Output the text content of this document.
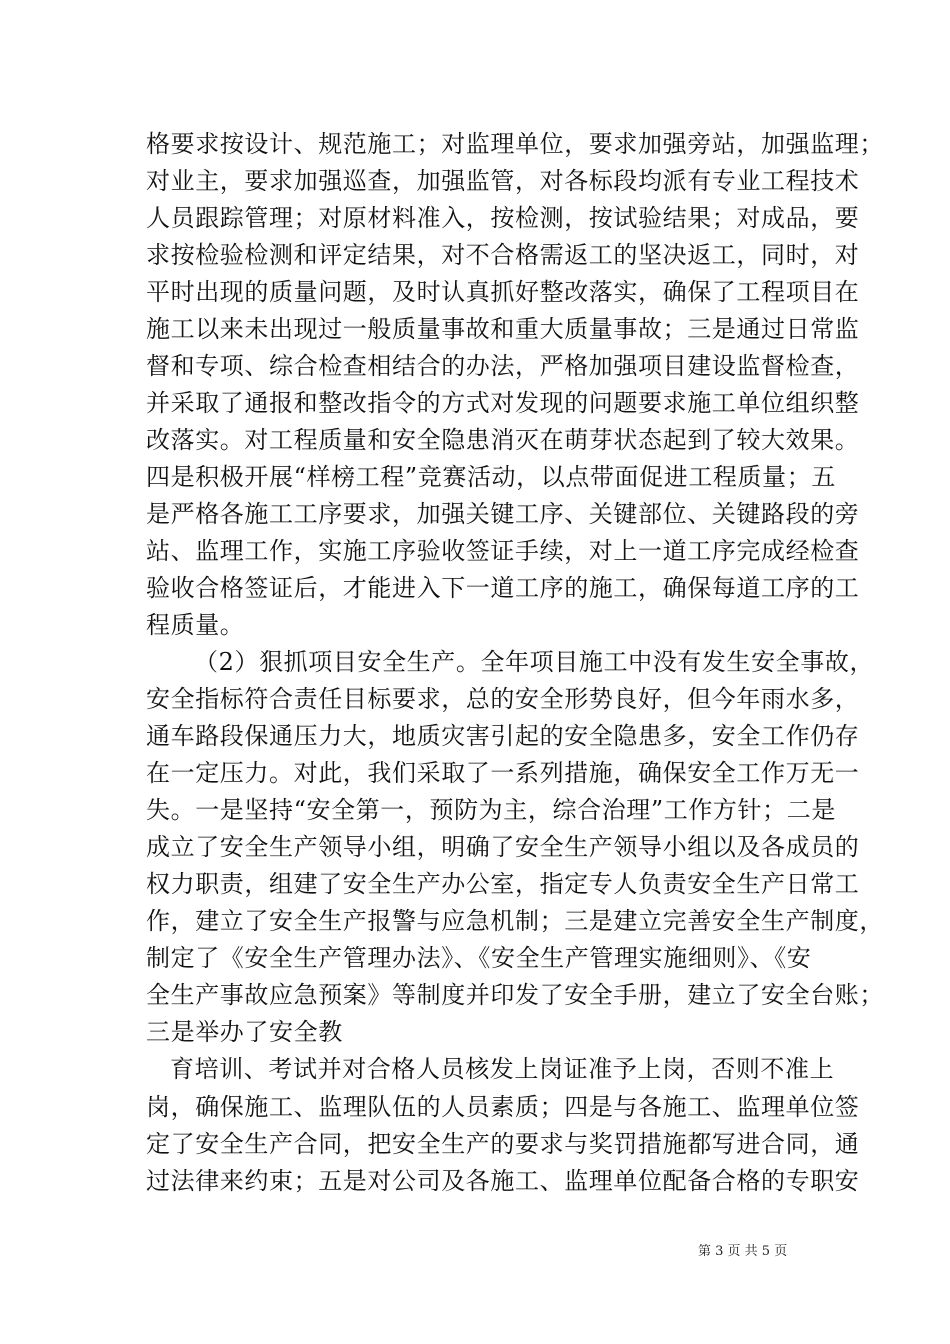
格要求按设计、规范施工；对监理单位，要求加强旁站，加强监理；
对业主，要求加强巡查，加强监管，对各标段均派有专业工程技术
人员跟踪管理；对原材料准入，按检测，按试验结果；对成品，要
求按检验检测和评定结果，对不合格需返工的坚决返工，同时，对
平时出现的质量问题，及时认真抓好整改落实，确保了工程项目在
施工以来未出现过一般质量事故和重大质量事故；三是通过日常监
督和专项、综合检查相结合的办法，严格加强项目建设监督检查，
并采取了通报和整改指令的方式对发现的问题要求施工单位组织整
改落实。对工程质量和安全隐患消灭在萌芽状态起到了较大效果。
四是积极开展“样榜工程”竞赛活动，以点带面促进工程质量；五
是严格各施工工序要求，加强关键工序、关键部位、关键路段的旁
站、监理工作，实施工序验收签证手续，对上一道工序完成经检查
验收合格签证后，才能进入下一道工序的施工，确保每道工序的工
程质量。
（2）狠抓项目安全生产。全年项目施工中没有发生安全事故，
安全指标符合责任目标要求，总的安全形势良好，但今年雨水多，
通车路段保通压力大，地质灾害引起的安全隐患多，安全工作仍存
在一定压力。对此，我们采取了一系列措施，确保安全工作万无一
失。一是坚持“安全第一，预防为主，综合治理”工作方针；二是
成立了安全生产领导小组，明确了安全生产领导小组以及各成员的
权力职责，组建了安全生产办公室，指定专人负责安全生产日常工
作，建立了安全生产报警与应急机制；三是建立完善安全生产制度，
制定了《安全生产管理办法》、《安全生产管理实施细则》、《安
全生产事故应急预案》等制度并印发了安全手册，建立了安全台账；
三是举办了安全教
育培训、考试并对合格人员核发上岗证准予上岗，否则不准上
岗，确保施工、监理队伍的人员素质；四是与各施工、监理单位签
定了安全生产合同，把安全生产的要求与奖罚措施都写进合同，通
过法律来约束；五是对公司及各施工、监理单位配备合格的专职安
第 3 页 共 5 页
